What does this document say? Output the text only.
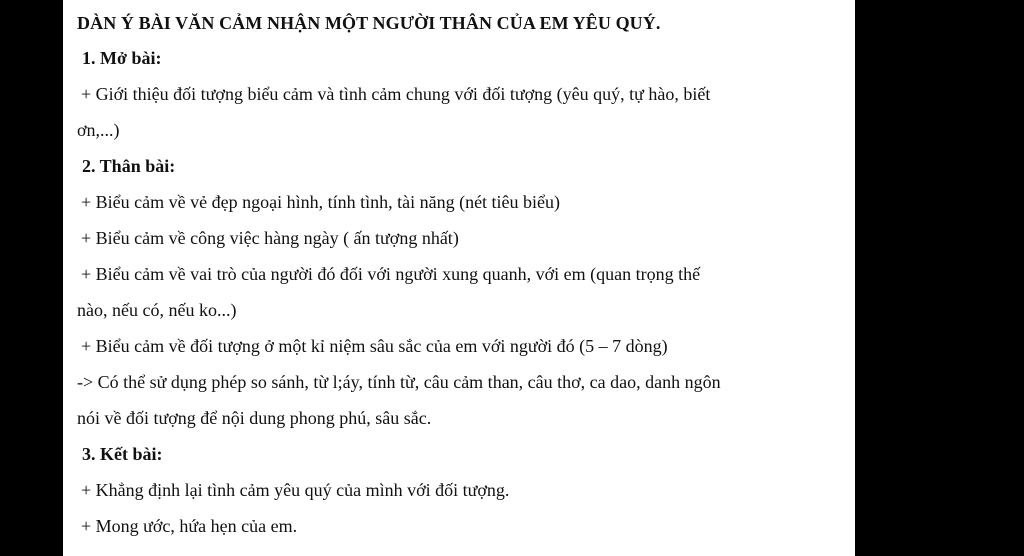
DÀN Ý BÀI VĂN CẢM NHẬN MỘT NGƯỜI THÂN CỦA EM YÊU QUÝ.
1. Mở bài:
+ Giới thiệu đối tượng biểu cảm và tình cảm chung với đối tượng (yêu quý, tự hào, biết
ơn,...)
2. Thân bài:
+ Biểu cảm về vẻ đẹp ngoại hình, tính tình, tài năng (nét tiêu biểu)
+ Biểu cảm về công việc hàng ngày ( ấn tượng nhất)
+ Biểu cảm về vai trò của người đó đối với người xung quanh, với em (quan trọng thế
nào, nếu có, nếu ko...)
+ Biểu cảm về đối tượng ở một kỉ niệm sâu sắc của em với người đó (5 – 7 dòng)
-> Có thể sử dụng phép so sánh, từ l;áy, tính từ, câu cảm than, câu thơ, ca dao, danh ngôn
nói về đối tượng để nội dung phong phú, sâu sắc.
3. Kết bài:
+ Khẳng định lại tình cảm yêu quý của mình với đối tượng.
+ Mong ước, hứa hẹn của em.
